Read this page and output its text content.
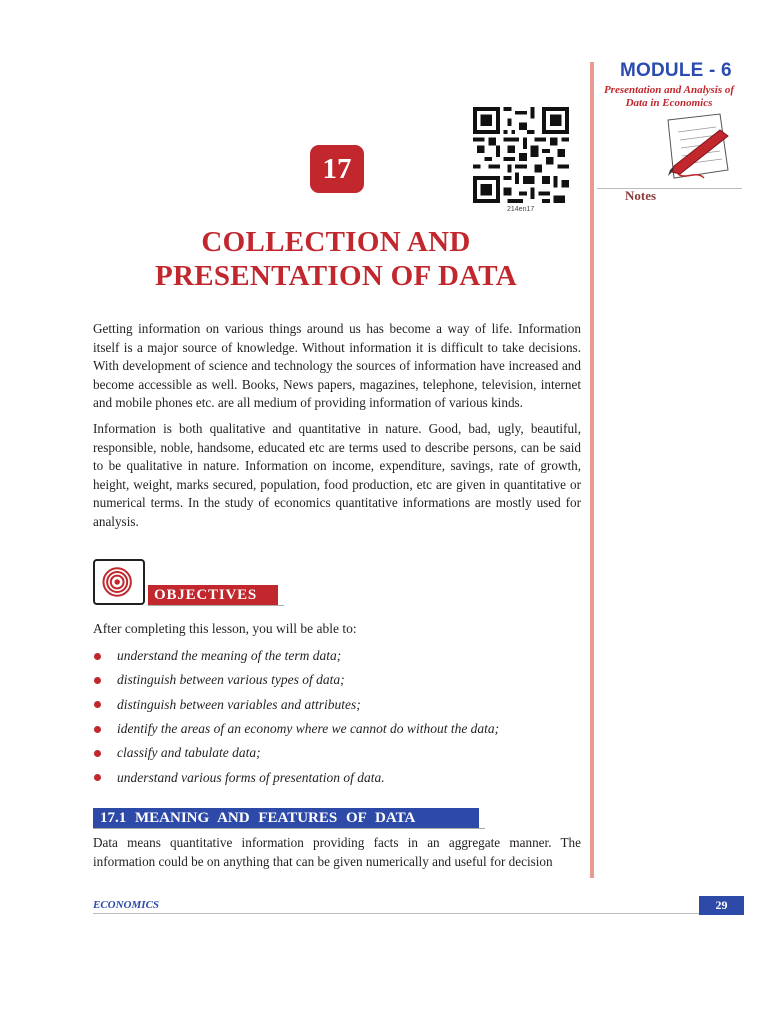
MODULE - 6
Presentation and Analysis of Data in Economics
Notes
17
214en17
COLLECTION AND
PRESENTATION OF DATA

Getting information on various things around us has become a way of life. Information itself is a major source of knowledge. Without information it is difficult to take decisions. With development of science and technology the sources of information have increased and become accessible as well. Books, News papers, magazines, telephone, television, internet and mobile phones etc. are all medium of providing information of various kinds.

Information is both qualitative and quantitative in nature. Good, bad, ugly, beautiful, responsible, noble, handsome, educated etc are terms used to describe persons, can be said to be qualitative in nature. Information on income, expenditure, savings, rate of growth, height, weight, marks secured, population, food production, etc are given in quantitative or numerical terms. In the study of economics quantitative informations are mostly used for analysis.

OBJECTIVES
After completing this lesson, you will be able to:
understand the meaning of the term data;
distinguish between various types of data;
distinguish between variables and attributes;
identify the areas of an economy where we cannot do without the data;
classify and tabulate data;
understand various forms of presentation of data.
17.1 MEANING AND FEATURES OF DATA

Data means quantitative information providing facts in an aggregate manner. The information could be on anything that can be given numerically and useful for decision

ECONOMICS	29
